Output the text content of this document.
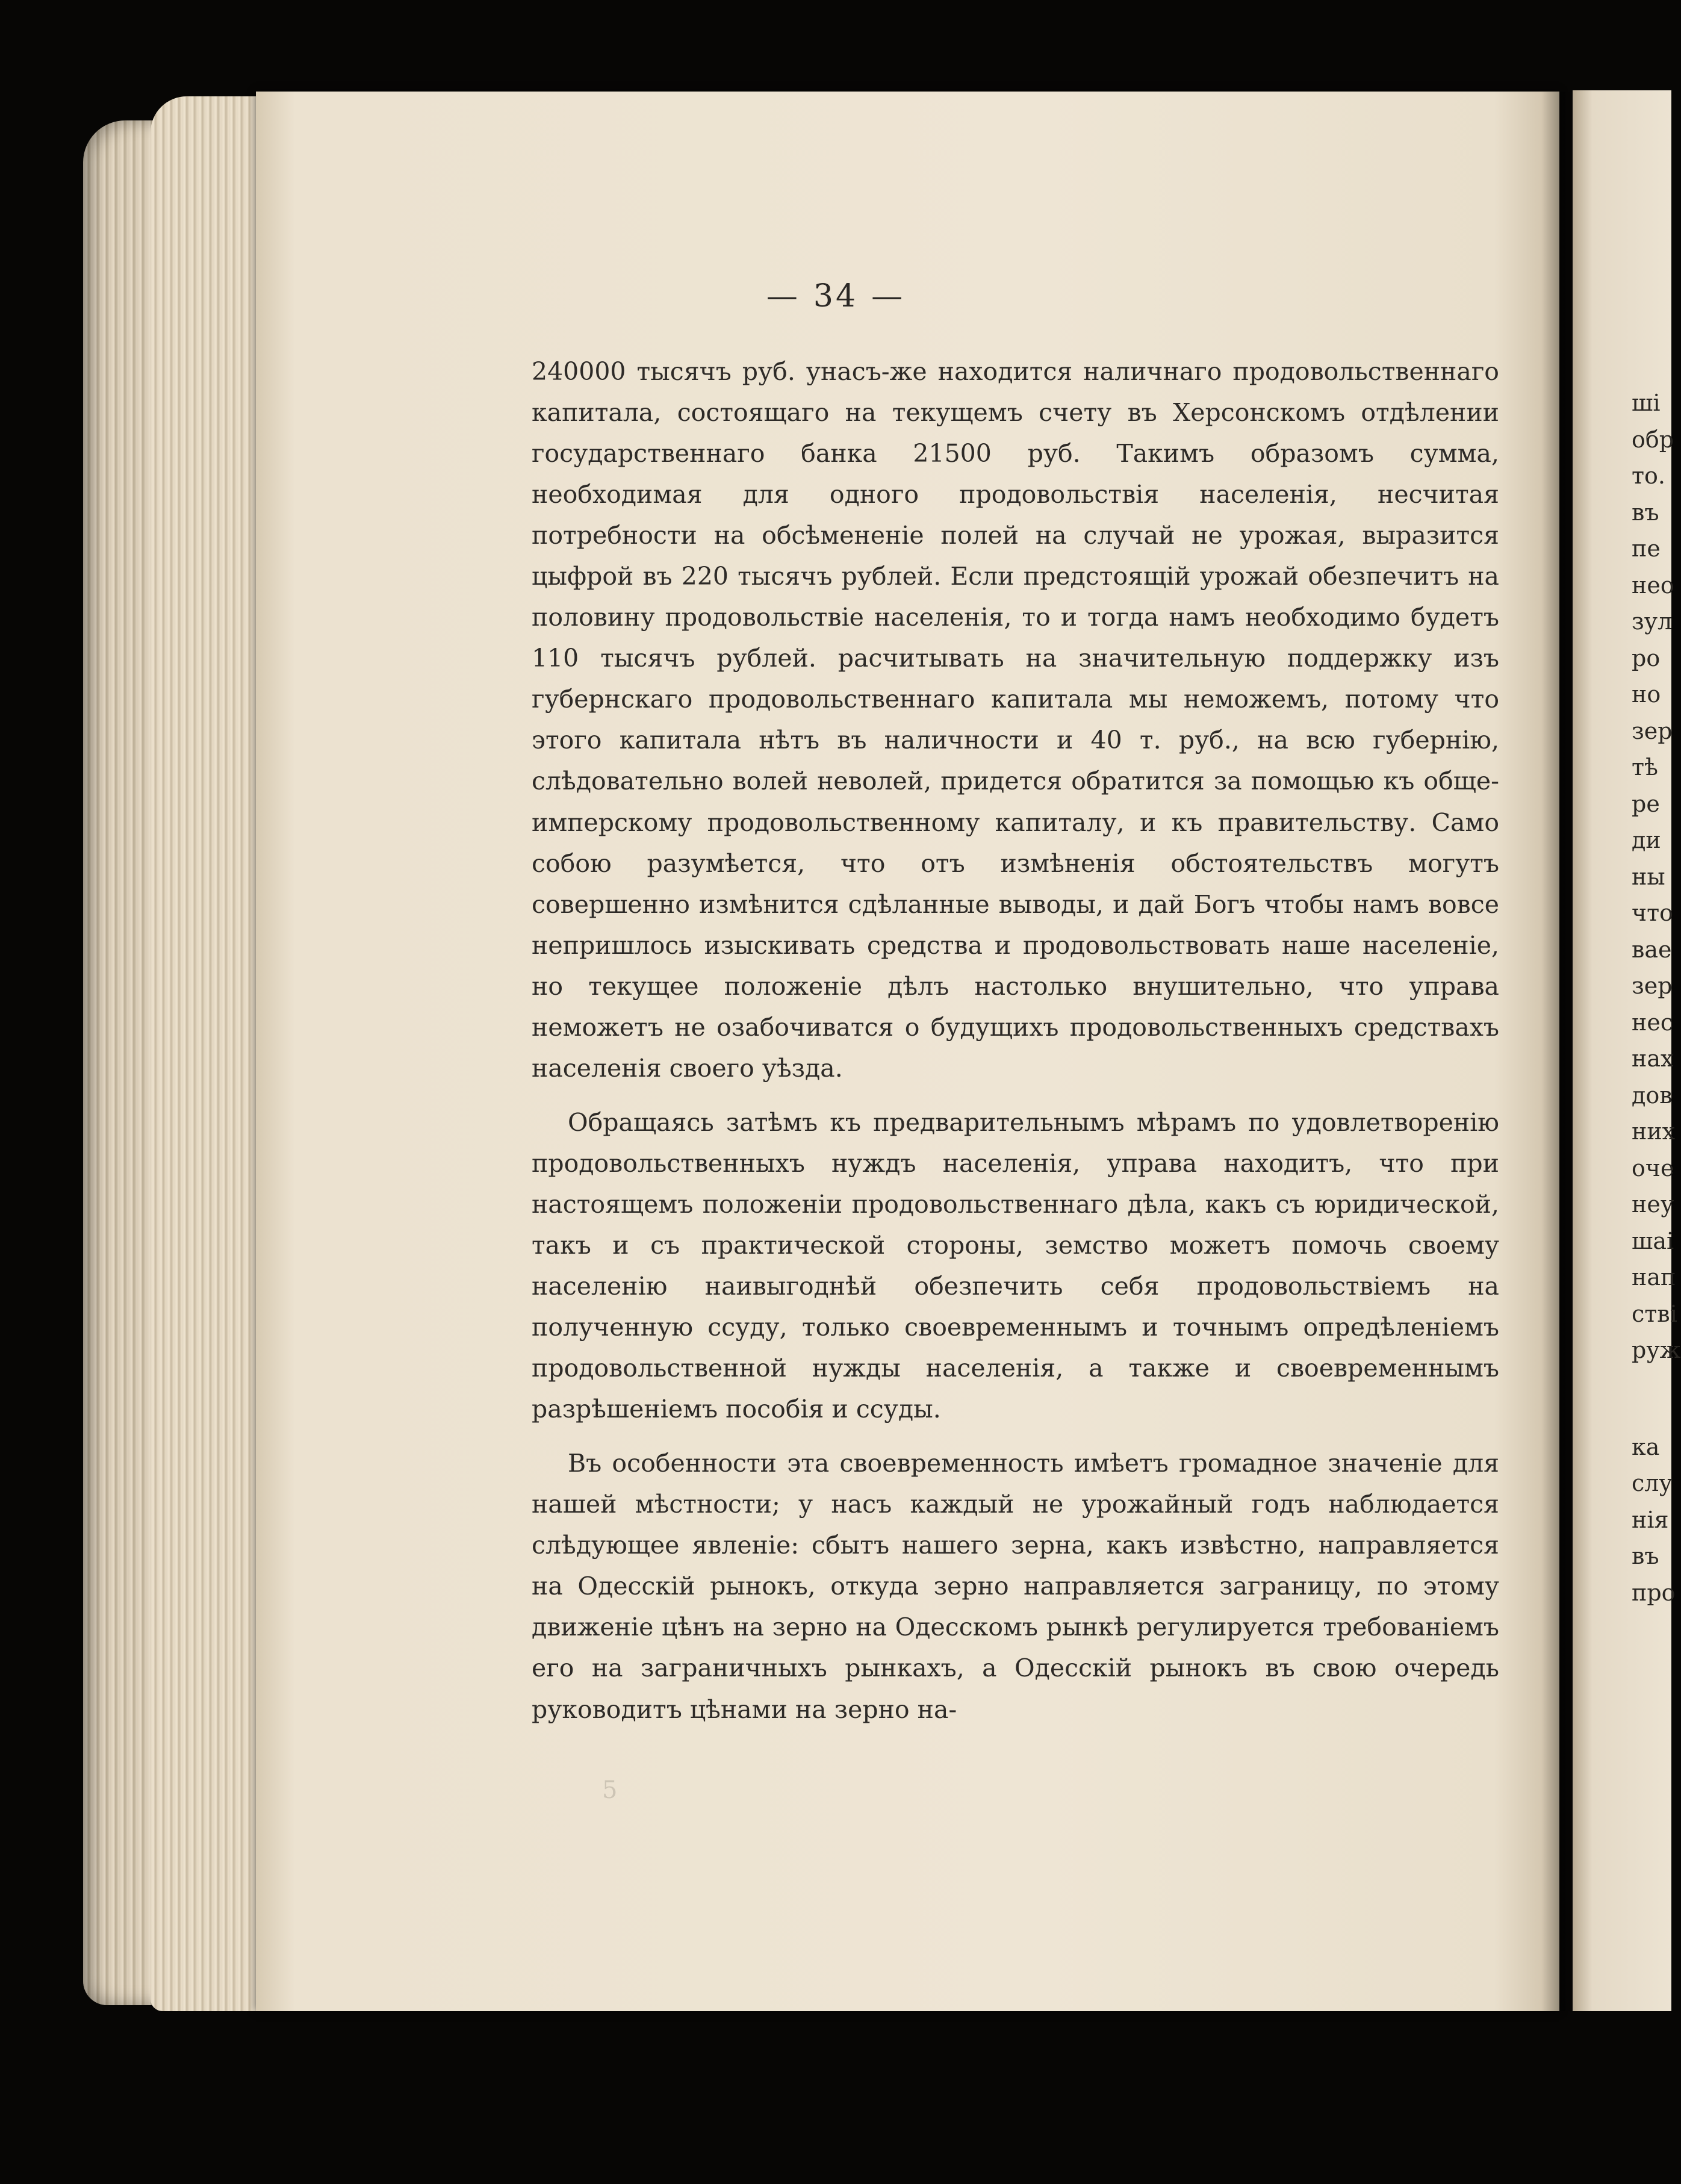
ші
обр
то.
въ
пе
нео
зул
ро
но
зер
тѣ
ре
ди
ны
что
вае
зер
нес
нах
дов
них
оче
неу
шаі
нап
стві
руж
ка
слу
нія
въ
про
— 34 —

240000 тысячъ руб. унасъ-же находится наличнаго продовольственнаго капитала, состоящаго на текущемъ счету въ Херсонскомъ отдѣлении государственнаго банка 21500 руб. Такимъ образомъ сумма, необходимая для одного продовольствія населенія, несчитая потребности на обсѣмененіе полей на случай не урожая, выразится цыфрой въ 220 тысячъ рублей. Если предстоящій урожай обезпечитъ на половину продовольствіе населенія, то и тогда намъ необходимо будетъ 110 тысячъ рублей. расчитывать на значительную поддержку изъ губернскаго продовольственнаго капитала мы неможемъ, потому что этого капитала нѣтъ въ наличности и 40 т. руб., на всю губернію, слѣдовательно волей неволей, придется обратится за помощью къ обще-имперскому продовольственному капиталу, и къ правительству. Само собою разумѣется, что отъ измѣненія обстоятельствъ могутъ совершенно измѣнится сдѣланные выводы, и дай Богъ чтобы намъ вовсе непришлось изыскивать средства и продовольствовать наше населеніе, но текущее положеніе дѣлъ настолько внушительно, что управа неможетъ не озабочиватся о будущихъ продовольственныхъ средствахъ населенія своего уѣзда.

Обращаясь затѣмъ къ предварительнымъ мѣрамъ по удовлетворенію продовольственныхъ нуждъ населенія, управа находитъ, что при настоящемъ положеніи продовольственнаго дѣла, какъ съ юридической, такъ и съ практической стороны, земство можетъ помочь своему населенію наивыгоднѣй обезпечить себя продовольствіемъ на полученную ссуду, только своевременнымъ и точнымъ опредѣленіемъ продовольственной нужды населенія, а также и своевременнымъ разрѣшеніемъ пособія и ссуды.

Въ особенности эта своевременность имѣетъ громадное значеніе для нашей мѣстности; у насъ каждый не урожайный годъ наблюдается слѣдующее явленіе: сбытъ нашего зерна, какъ извѣстно, направляется на Одесскій рынокъ, откуда зерно направляется заграницу, по этому движеніе цѣнъ на зерно на Одесскомъ рынкѣ регулируется требованіемъ его на заграничныхъ рынкахъ, а Одесскій рынокъ въ свою очередь руководитъ цѣнами на зерно на-

5
